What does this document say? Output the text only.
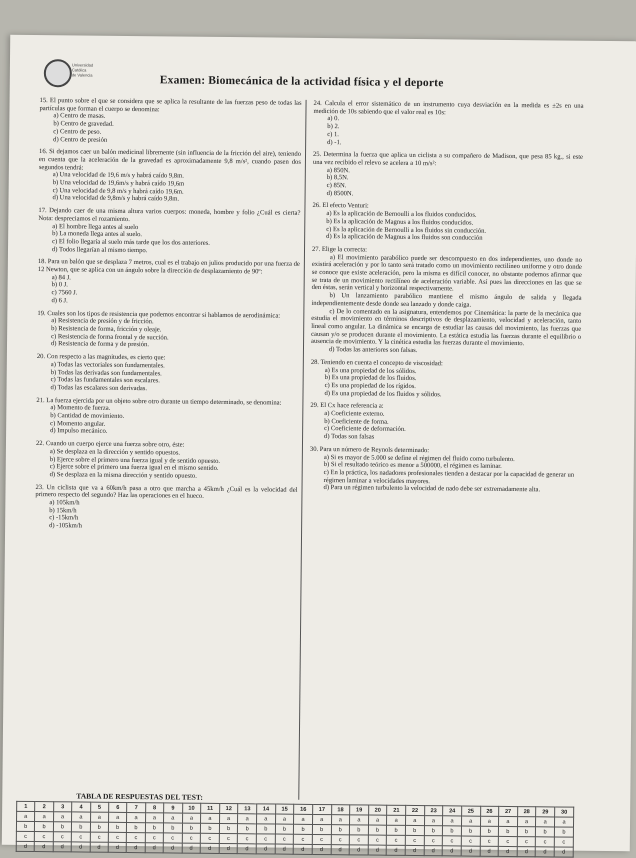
Universidad
Católica
de Valencia	Examen: Biomecánica de la actividad física y el deporte
15. El punto sobre el que se considera que se aplica la resultante de las fuerzas peso de todas las partículas que forman el cuerpo se denomina:
a) Centro de masas.
b) Centro de gravedad.
c) Centro de peso.
d) Centro de presión
16. Si dejamos caer un balón medicinal libremente (sin influencia de la fricción del aire), teniendo en cuenta que la aceleración de la gravedad es aproximadamente 9,8 m/s², cuando pasen dos segundos tendrá:
a) Una velocidad de 19,6 m/s y habrá caído 9,8m.
b) Una velocidad de 19,6m/s y habrá caído 19,6m
c) Una velocidad de 9,8 m/s y habrá caído 19,6m.
d) Una velocidad de 9,8m/s y habrá caído 9,8m.
17. Dejando caer de una misma altura varios cuerpos: moneda, hombre y folio ¿Cuál es cierta? Nota: despreciamos el rozamiento.
a) El hombre llega antes al suelo
b) La moneda llega antes al suelo.
c) El folio llegaría al suelo más tarde que los dos anteriores.
d) Todos llegarían al mismo tiempo.
18. Para un balón que se desplaza 7 metros, cual es el trabajo en julios producido por una fuerza de 12 Newton, que se aplica con un ángulo sobre la dirección de desplazamiento de 90º:
a) 84 J.
b) 0 J.
c) 7560 J.
d) 6 J.
19. Cuales son los tipos de resistencia que podemos encontrar si hablamos de aerodinámica:
a) Resistencia de presión y de fricción.
b) Resistencia de forma, fricción y oleaje.
c) Resistencia de forma frontal y de succión.
d) Resistencia de forma y de presión.
20. Con respecto a las magnitudes, es cierto que:
a) Todas las vectoriales son fundamentales.
b) Todas las derivadas son fundamentales.
c) Todas las fundamentales son escalares.
d) Todas las escalares son derivadas.
21. La fuerza ejercida por un objeto sobre otro durante un tiempo determinado, se denomina:
a) Momento de fuerza.
b) Cantidad de movimiento.
c) Momento angular.
d) Impulso mecánico.
22. Cuando un cuerpo ejerce una fuerza sobre otro, éste:
a) Se desplaza en la dirección y sentido opuestos.
b) Ejerce sobre el primero una fuerza igual y de sentido opuesto.
c) Ejerce sobre el primero una fuerza igual en el mismo sentido.
d) Se desplaza en la misma dirección y sentido opuesto.
23. Un ciclista que va a 60km/h pasa a otro que marcha a 45km/h ¿Cuál es la velocidad del primero respecto del segundo? Haz las operaciones en el hueco.
a) 105km/h
b) 15km/h
c) -15km/h
d) -105km/h
24. Calcula el error sistemático de un instrumento cuya desviación en la medida es ±2s en una medición de 10s sabiendo que el valor real es 10s:
a) 0.
b) 2.
c) 1.
d) -1.
25. Determina la fuerza que aplica un ciclista a su compañero de Madison, que pesa 85 kg., si este una vez recibido el relevo se acelera a 10 m/s²:
a) 850N.
b) 8,5N.
c) 85N.
d) 8500N.
26. El efecto Venturi:
a) Es la aplicación de Bernoulli a los fluidos conducidos.
b) Es la aplicación de Magnus a los fluidos conducidos.
c) Es la aplicación de Bernoulli a los fluidos sin conducción.
d) Es la aplicación de Magnus a los fluidos son conducción
27. Elige la correcta:
a) El movimiento parabólico puede ser descompuesto en dos independientes, uno donde no existirá aceleración y por lo tanto será tratado como un movimiento rectilíneo uniforme y otro donde se conoce que existe aceleración, pero la misma es difícil conocer, no obstante podemos afirmar que se trata de un movimiento rectilíneo de aceleración variable. Así pues las direcciones en las que se den éstas, serán vertical y horizontal respectivamente.
b) Un lanzamiento parabólico mantiene el mismo ángulo de salida y llegada independientemente desde donde sea lanzado y donde caiga.
c) De lo comentado en la asignatura, entendemos por Cinemática: la parte de la mecánica que estudia el movimiento en términos descriptivos de desplazamiento, velocidad y aceleración, tanto lineal como angular. La dinámica se encarga de estudiar las causas del movimiento, las fuerzas que causan y/o se producen durante el movimiento. La estática estudia las fuerzas durante el equilibrio o ausencia de movimiento. Y la cinética estudia las fuerzas durante el movimiento.
d) Todas las anteriores son falsas.
28. Teniendo en cuenta el concepto de viscosidad:
a) Es una propiedad de los sólidos.
b) Es una propiedad de los fluidos.
c) Es una propiedad de los rígidos.
d) Es una propiedad de los fluidos y sólidos.
29. El Cx hace referencia a:
a) Coeficiente externo.
b) Coeficiente de forma.
c) Coeficiente de deformación.
d) Todas son falsas
30. Para un número de Reynols determinado:
a) Si es mayor de 5.000 se define el régimen del fluido como turbulento.
b) Si el resultado teórico es menor a 500000, el régimen es laminar.
c) En la práctica, los nadadores profesionales tienden a destacar por la capacidad de generar un régimen laminar a velocidades mayores.
d) Para un régimen turbulento la velocidad de nado debe ser extremadamente alta.
TABLA DE RESPUESTAS DEL TEST:
1	2	3	4	5	6	7	8	9	10	11	12	13	14	15	16	17	18	19	20	21	22	23	24	25	26	27	28	29	30
a	a	a	a	a	a	a	a	a	a	a	a	a	a	a	a	a	a	a	a	a	a	a	a	a	a	a	a	a	a
b	b	b	b	b	b	b	b	b	b	b	b	b	b	b	b	b	b	b	b	b	b	b	b	b	b	b	b	b	b
c	c	c	c	c	c	c	c	c	c	c	c	c	c	c	c	c	c	c	c	c	c	c	c	c	c	c	c	c	c
d	d	d	d	d	d	d	d	d	d	d	d	d	d	d	d	d	d	d	d	d	d	d	d	d	d	d	d	d	d
